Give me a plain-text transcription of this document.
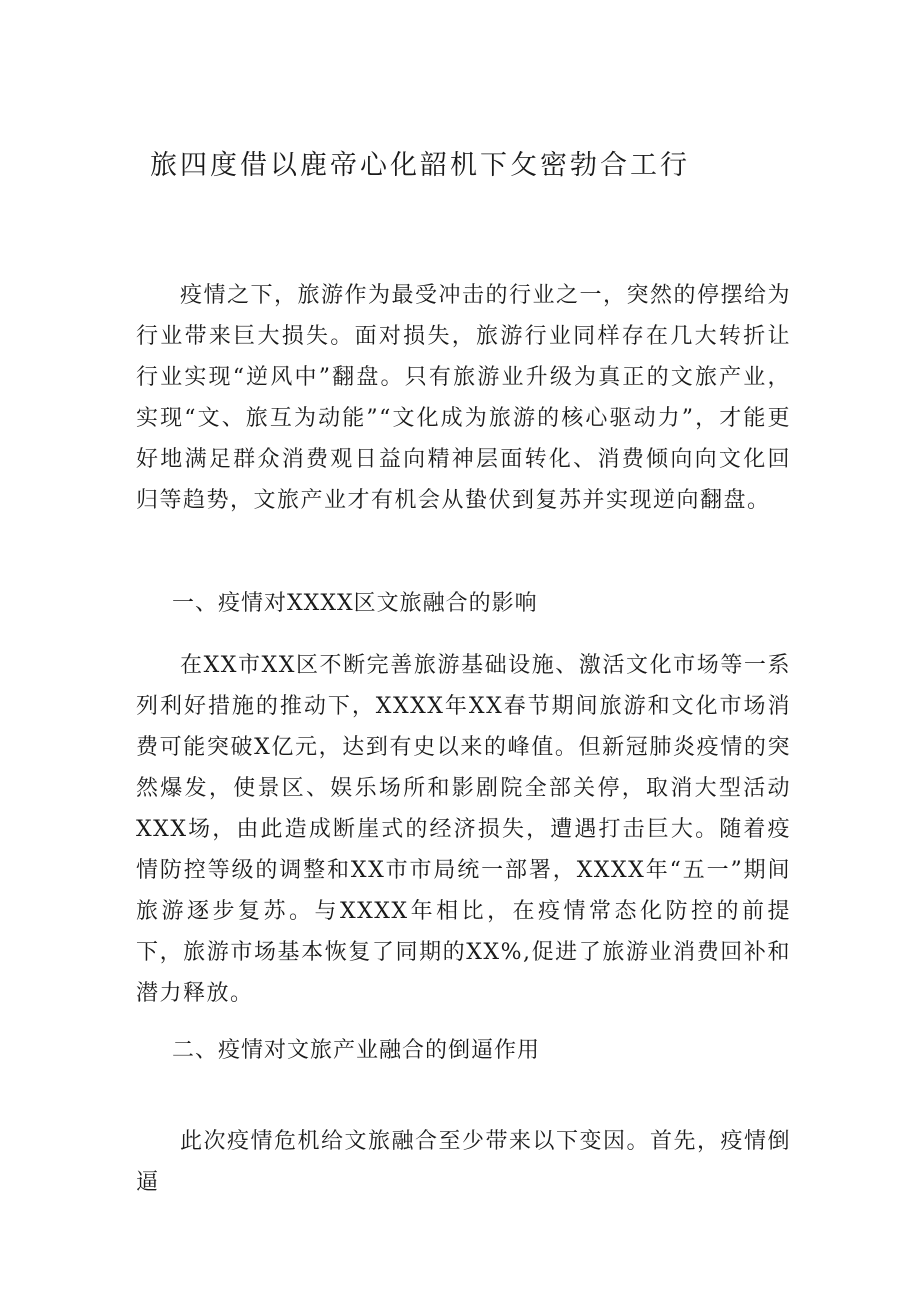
旅四度借以鹿帝心化韶机下攵密勃合工行

疫情之下，旅游作为最受冲击的行业之一，突然的停摆给为行业带来巨大损失。面对损失，旅游行业同样存在几大转折让行业实现“逆风中”翻盘。只有旅游业升级为真正的文旅产业，实现“文、旅互为动能”“文化成为旅游的核心驱动力”，才能更好地满足群众消费观日益向精神层面转化、消费倾向向文化回归等趋势，文旅产业才有机会从蛰伏到复苏并实现逆向翻盘。

一、疫情对XXXX区文旅融合的影响

在XX市XX区不断完善旅游基础设施、激活文化市场等一系列利好措施的推动下，XXXX年XX春节期间旅游和文化市场消费可能突破X亿元，达到有史以来的峰值。但新冠肺炎疫情的突然爆发，使景区、娱乐场所和影剧院全部关停，取消大型活动XXX场，由此造成断崖式的经济损失，遭遇打击巨大。随着疫情防控等级的调整和XX市市局统一部署，XXXX年“五一”期间旅游逐步复苏。与XXXX年相比，在疫情常态化防控的前提下，旅游市场基本恢复了同期的XX%,促进了旅游业消费回补和潜力释放。

二、疫情对文旅产业融合的倒逼作用

此次疫情危机给文旅融合至少带来以下变因。首先，疫情倒逼
